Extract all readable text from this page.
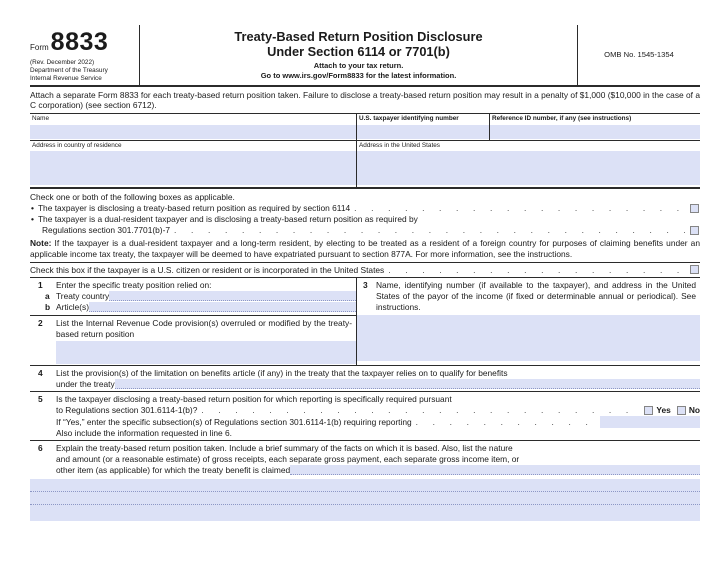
Form8833
(Rev. December 2022)
Department of the Treasury
Internal Revenue Service
Treaty-Based Return Position Disclosure
Under Section 6114 or 7701(b)
Attach to your tax return.
Go to www.irs.gov/Form8833 for the latest information.
OMB No. 1545-1354
Attach a separate Form 8833 for each treaty-based return position taken. Failure to disclose a treaty-based return position may result in a penalty of $1,000 ($10,000 in the case of a C corporation) (see section 6712).
Name	U.S. taxpayer identifying number	Reference ID number, if any (see instructions)
Address in country of residence	Address in the United States
Check one or both of the following boxes as applicable.
• The taxpayer is disclosing a treaty-based return position as required by section 6114
. .
• The taxpayer is a dual-resident taxpayer and is disclosing a treaty-based return position as required by
Regulations section 301.7701(b)-7
. .
Note: If the taxpayer is a dual-resident taxpayer and a long-term resident, by electing to be treated as a resident of a foreign country for purposes of claiming benefits under an applicable income tax treaty, the taxpayer will be deemed to have expatriated pursuant to section 877A. For more information, see the instructions.
Check this box if the taxpayer is a U.S. citizen or resident or is incorporated in the United States
. .
1	Enter the specific treaty position relied on:
a Treaty country
b Article(s)
2	List the Internal Revenue Code provision(s) overruled or modified by the treaty-based return position
3 Name, identifying number (if available to the taxpayer), and address in the United States of the payor of the income (if fixed or determinable annual or periodical). See instructions.
4	List the provision(s) of the limitation on benefits article (if any) in the treaty that the taxpayer relies on to qualify for benefits
under the treaty
5	Is the taxpayer disclosing a treaty-based return position for which reporting is specifically required pursuant
to Regulations section 301.6114-1(b)? . .	Yes No
If “Yes,” enter the specific subsection(s) of Regulations section 301.6114-1(b) requiring reporting
. .
Also include the information requested in line 6.
6	Explain the treaty-based return position taken. Include a brief summary of the facts on which it is based. Also, list the nature
and amount (or a reasonable estimate) of gross receipts, each separate gross payment, each separate gross income item, or
other item (as applicable) for which the treaty benefit is claimed
